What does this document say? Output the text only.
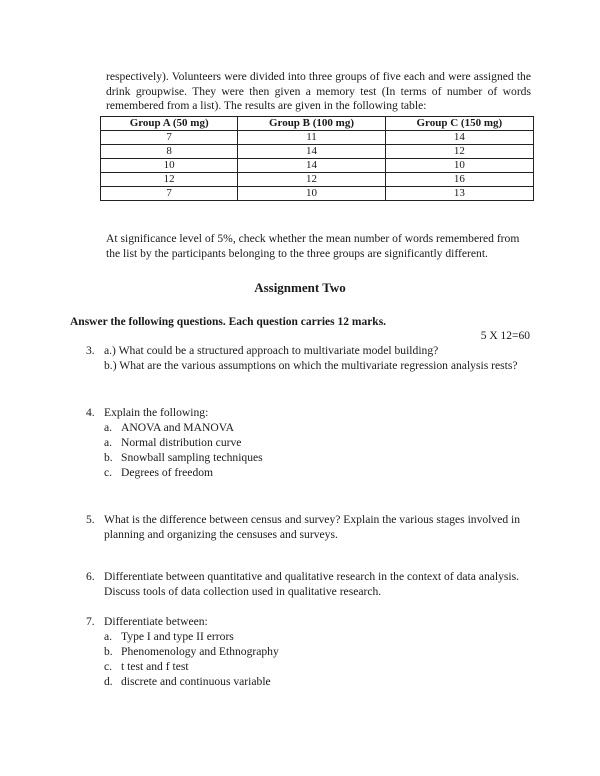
respectively). Volunteers were divided into three groups of five each and were assigned the drink groupwise. They were then given a memory test (In terms of number of words remembered from a list). The results are given in the following table:

Group A (50 mg)	Group B (100 mg)	Group C (150 mg)
7	11	14
8	14	12
10	14	10
12	12	16
7	10	13

At significance level of 5%, check whether the mean number of words remembered from the list by the participants belonging to the three groups are significantly different.

Assignment Two
Answer the following questions. Each question carries 12 marks.
5 X 12=60
3. a.) What could be a structured approach to multivariate model building?

b.) What are the various assumptions on which the multivariate regression analysis rests?

4. Explain the following:

a. ANOVA and MANOVA
a. Normal distribution curve
b. Snowball sampling techniques
c. Degrees of freedom
5. What is the difference between census and survey? Explain the various stages involved in planning and organizing the censuses and surveys.

6. Differentiate between quantitative and qualitative research in the context of data analysis. Discuss tools of data collection used in qualitative research.

7. Differentiate between:

a. Type I and type II errors
b. Phenomenology and Ethnography
c. t test and f test
d. discrete and continuous variable
